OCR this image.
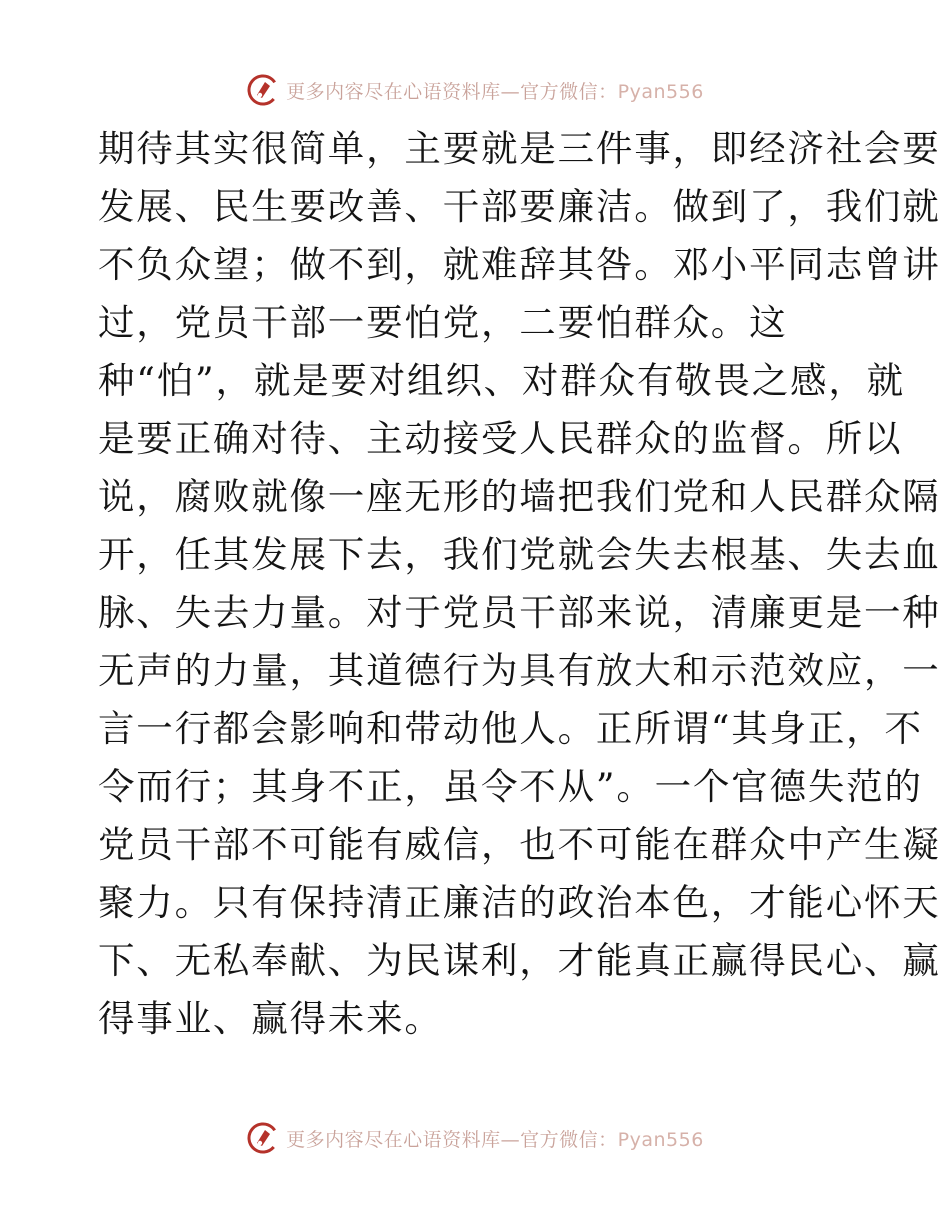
更多内容尽在心语资料库—官方微信：Pyan556
期待其实很简单，主要就是三件事，即经济社会要
发展、民生要改善、干部要廉洁。做到了，我们就
不负众望；做不到，就难辞其咎。邓小平同志曾讲
过，党员干部一要怕党，二要怕群众。这
种“怕”，就是要对组织、对群众有敬畏之感，就
是要正确对待、主动接受人民群众的监督。所以
说，腐败就像一座无形的墙把我们党和人民群众隔
开，任其发展下去，我们党就会失去根基、失去血
脉、失去力量。对于党员干部来说，清廉更是一种
无声的力量，其道德行为具有放大和示范效应，一
言一行都会影响和带动他人。正所谓“其身正，不
令而行；其身不正，虽令不从”。一个官德失范的
党员干部不可能有威信，也不可能在群众中产生凝
聚力。只有保持清正廉洁的政治本色，才能心怀天
下、无私奉献、为民谋利，才能真正赢得民心、赢
得事业、赢得未来。
更多内容尽在心语资料库—官方微信：Pyan556
